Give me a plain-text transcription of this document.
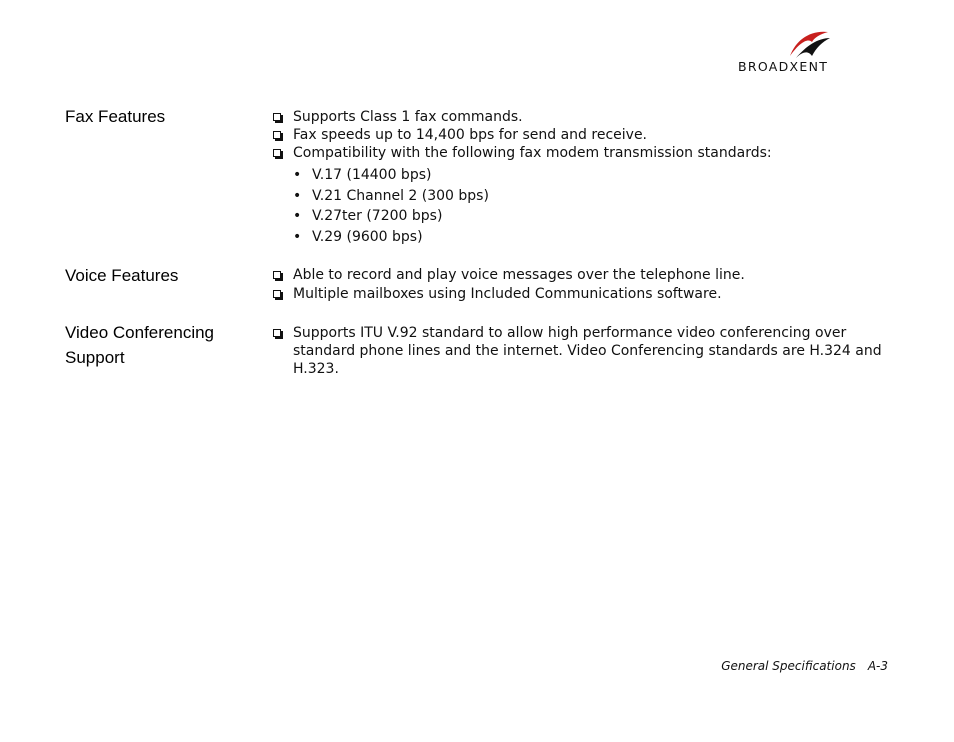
BROADXENT
Fax Features	Supports Class 1 fax commands.
Fax speeds up to 14,400 bps for send and receive.
Compatibility with the following fax modem transmission standards:
• V.17 (14400 bps)
• V.21 Channel 2 (300 bps)
• V.27ter (7200 bps)
• V.29 (9600 bps)
Voice Features	Able to record and play voice messages over the telephone line.
Multiple mailboxes using Included Communications software.
Video Conferencing
Support
Supports ITU V.92 standard to allow high performance video conferencing over standard phone lines and the internet. Video Conferencing standards are H.324 and H.323.
General Specifications A-3
